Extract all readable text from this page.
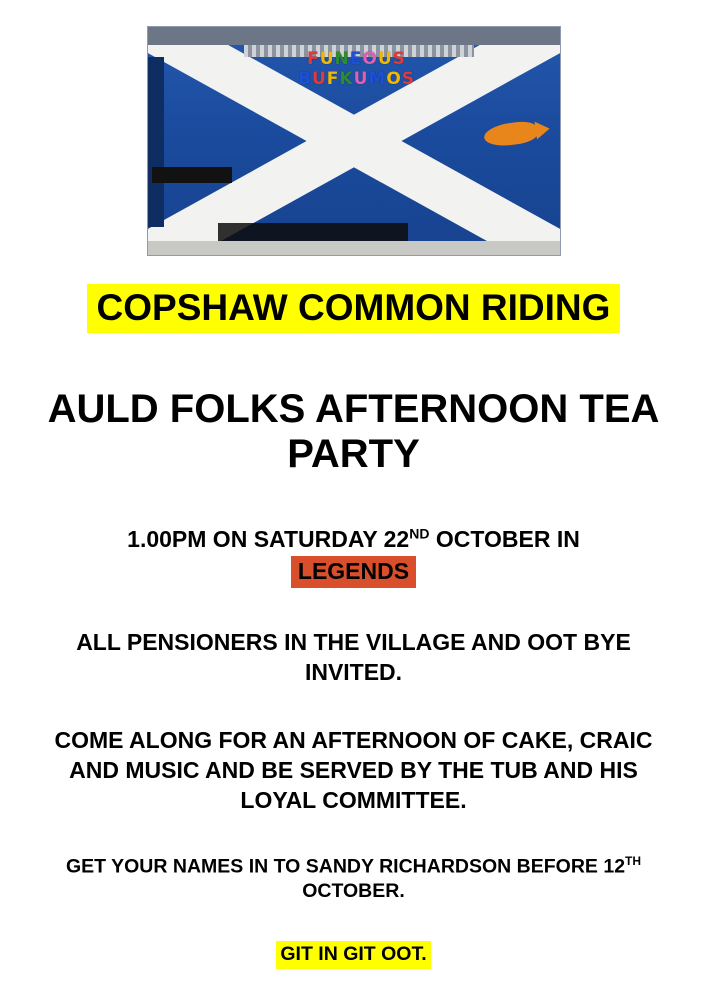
FUNEOUS
BUFKUMOS
COPSHAW COMMON RIDING
AULD FOLKS AFTERNOON TEA PARTY
1.00PM ON SATURDAY 22ND OCTOBER IN
LEGENDS
ALL PENSIONERS IN THE VILLAGE AND OOT BYE INVITED.
COME ALONG FOR AN AFTERNOON OF CAKE, CRAIC AND MUSIC AND BE SERVED BY THE TUB AND HIS LOYAL COMMITTEE.
GET YOUR NAMES IN TO SANDY RICHARDSON BEFORE 12TH OCTOBER.
GIT IN GIT OOT.
